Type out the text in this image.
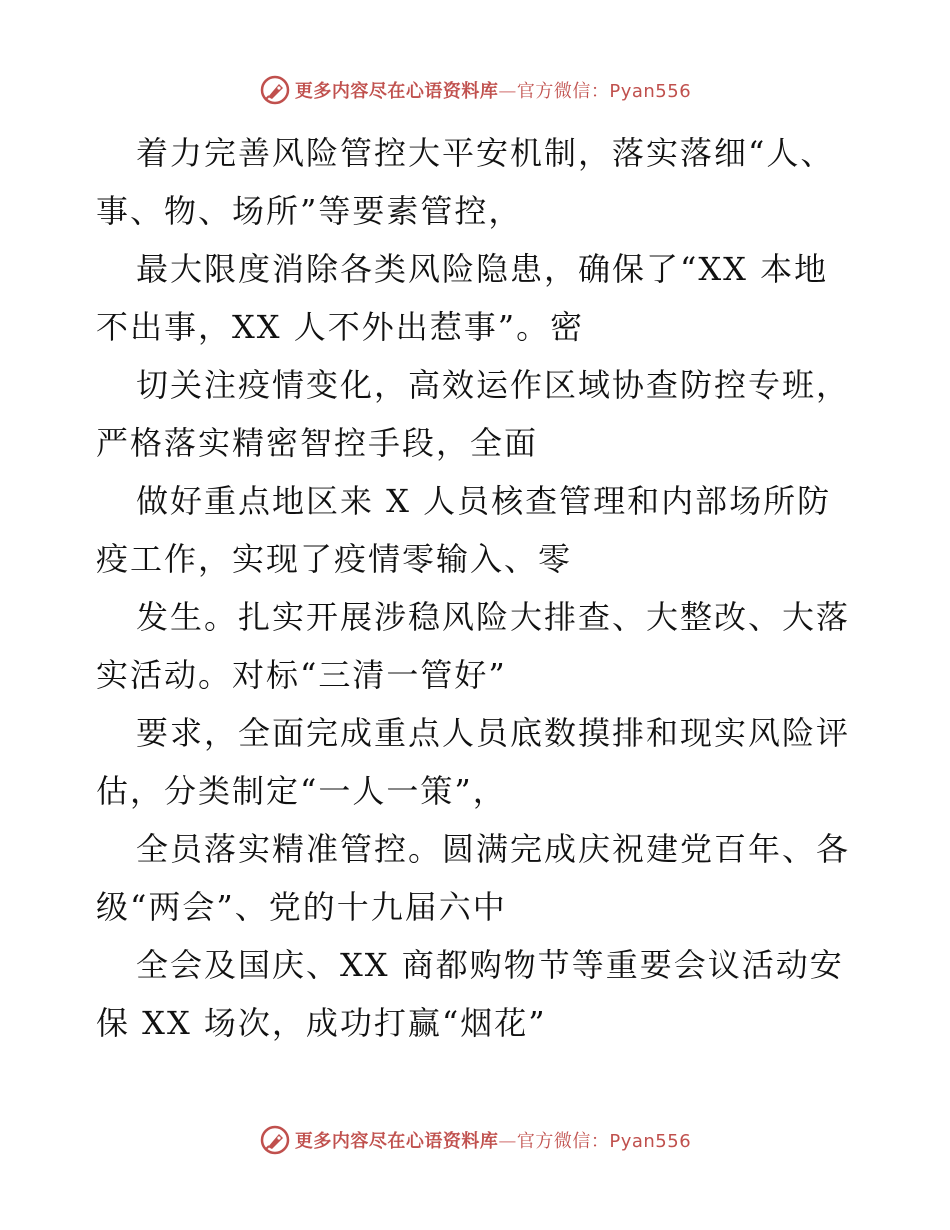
更多内容尽在心语资料库—官方微信：Pyan556

着力完善风险管控大平安机制，落实落细“人、事、物、场所”等要素管控，

最大限度消除各类风险隐患，确保了“XX 本地不出事，XX 人不外出惹事”。密

切关注疫情变化，高效运作区域协查防控专班，严格落实精密智控手段，全面

做好重点地区来 X 人员核查管理和内部场所防疫工作，实现了疫情零输入、零

发生。扎实开展涉稳风险大排查、大整改、大落实活动。对标“三清一管好”

要求，全面完成重点人员底数摸排和现实风险评估，分类制定“一人一策”，

全员落实精准管控。圆满完成庆祝建党百年、各级“两会”、党的十九届六中

全会及国庆、XX 商都购物节等重要会议活动安保 XX 场次，成功打赢“烟花”

更多内容尽在心语资料库—官方微信：Pyan556
